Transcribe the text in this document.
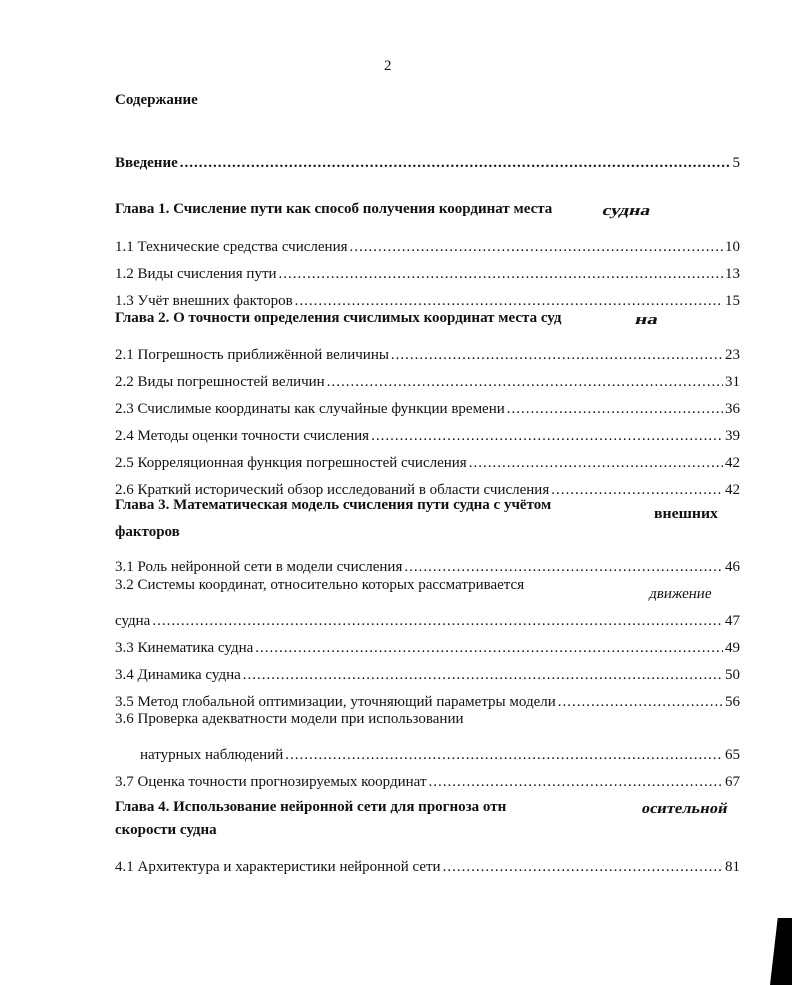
2
Содержание
Введение .....	5
Глава 1. Счисление пути как способ получения координат места	судна
1.1 Технические средства счисления .....	10
1.2 Виды счисления пути .....	13
1.3 Учёт внешних факторов .....	15
Глава 2. О точности определения счислимых координат места суд	на
2.1 Погрешность приближённой величины .....	23
2.2 Виды погрешностей величин .....	31
2.3 Счислимые координаты как случайные функции времени .....	36
2.4 Методы оценки точности счисления .....	39
2.5 Корреляционная функция погрешностей счисления .....	42
2.6 Краткий исторический обзор исследований в области счисления .....	42
Глава 3. Математическая модель счисления пути судна с учётом
внешних
факторов
3.1 Роль нейронной сети в модели счисления .....	46
3.2 Системы координат, относительно которых рассматривается
движение
судна .....	47
3.3 Кинематика судна .....	49
3.4 Динамика судна .....	50
3.5 Метод глобальной оптимизации, уточняющий параметры модели .....	56
3.6 Проверка адекватности модели при использовании
натурных наблюдений .....	65
3.7 Оценка точности прогнозируемых координат .....	67
Глава 4. Использование нейронной сети для прогноза отн	осительной
скорости судна
4.1 Архитектура и характеристики нейронной сети .....	81
